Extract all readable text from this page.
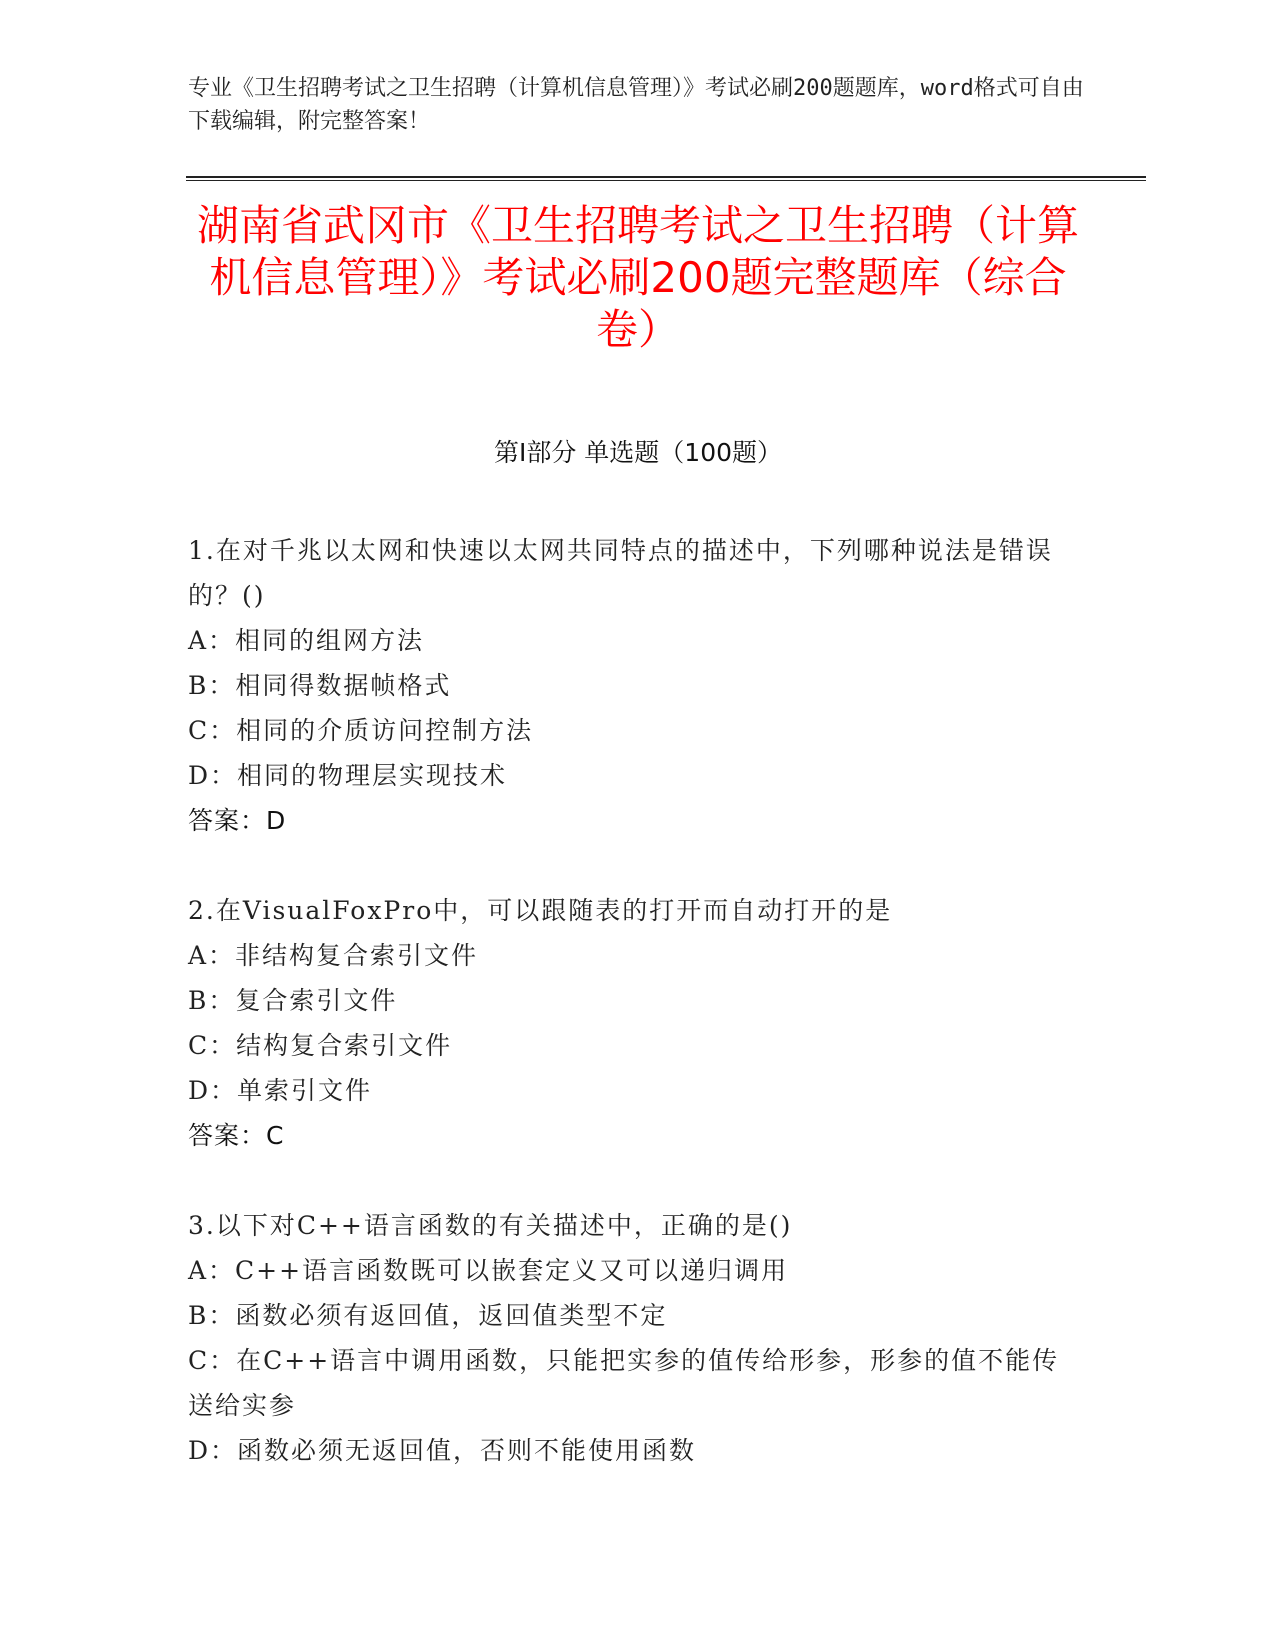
专业《卫生招聘考试之卫生招聘（计算机信息管理）》考试必刷200题题库，word格式可自由下载编辑，附完整答案！
湖南省武冈市《卫生招聘考试之卫生招聘（计算机信息管理）》考试必刷200题完整题库（综合卷）
第Ⅰ部分 单选题（100题）
1.在对千兆以太网和快速以太网共同特点的描述中，下列哪种说法是错误的？()
A：相同的组网方法
B：相同得数据帧格式
C：相同的介质访问控制方法
D：相同的物理层实现技术
答案：D
2.在VisualFoxPro中，可以跟随表的打开而自动打开的是
A：非结构复合索引文件
B：复合索引文件
C：结构复合索引文件
D：单索引文件
答案：C
3.以下对C++语言函数的有关描述中，正确的是()
A：C++语言函数既可以嵌套定义又可以递归调用
B：函数必须有返回值，返回值类型不定
C：在C++语言中调用函数，只能把实参的值传给形参，形参的值不能传送给实参
D：函数必须无返回值，否则不能使用函数
